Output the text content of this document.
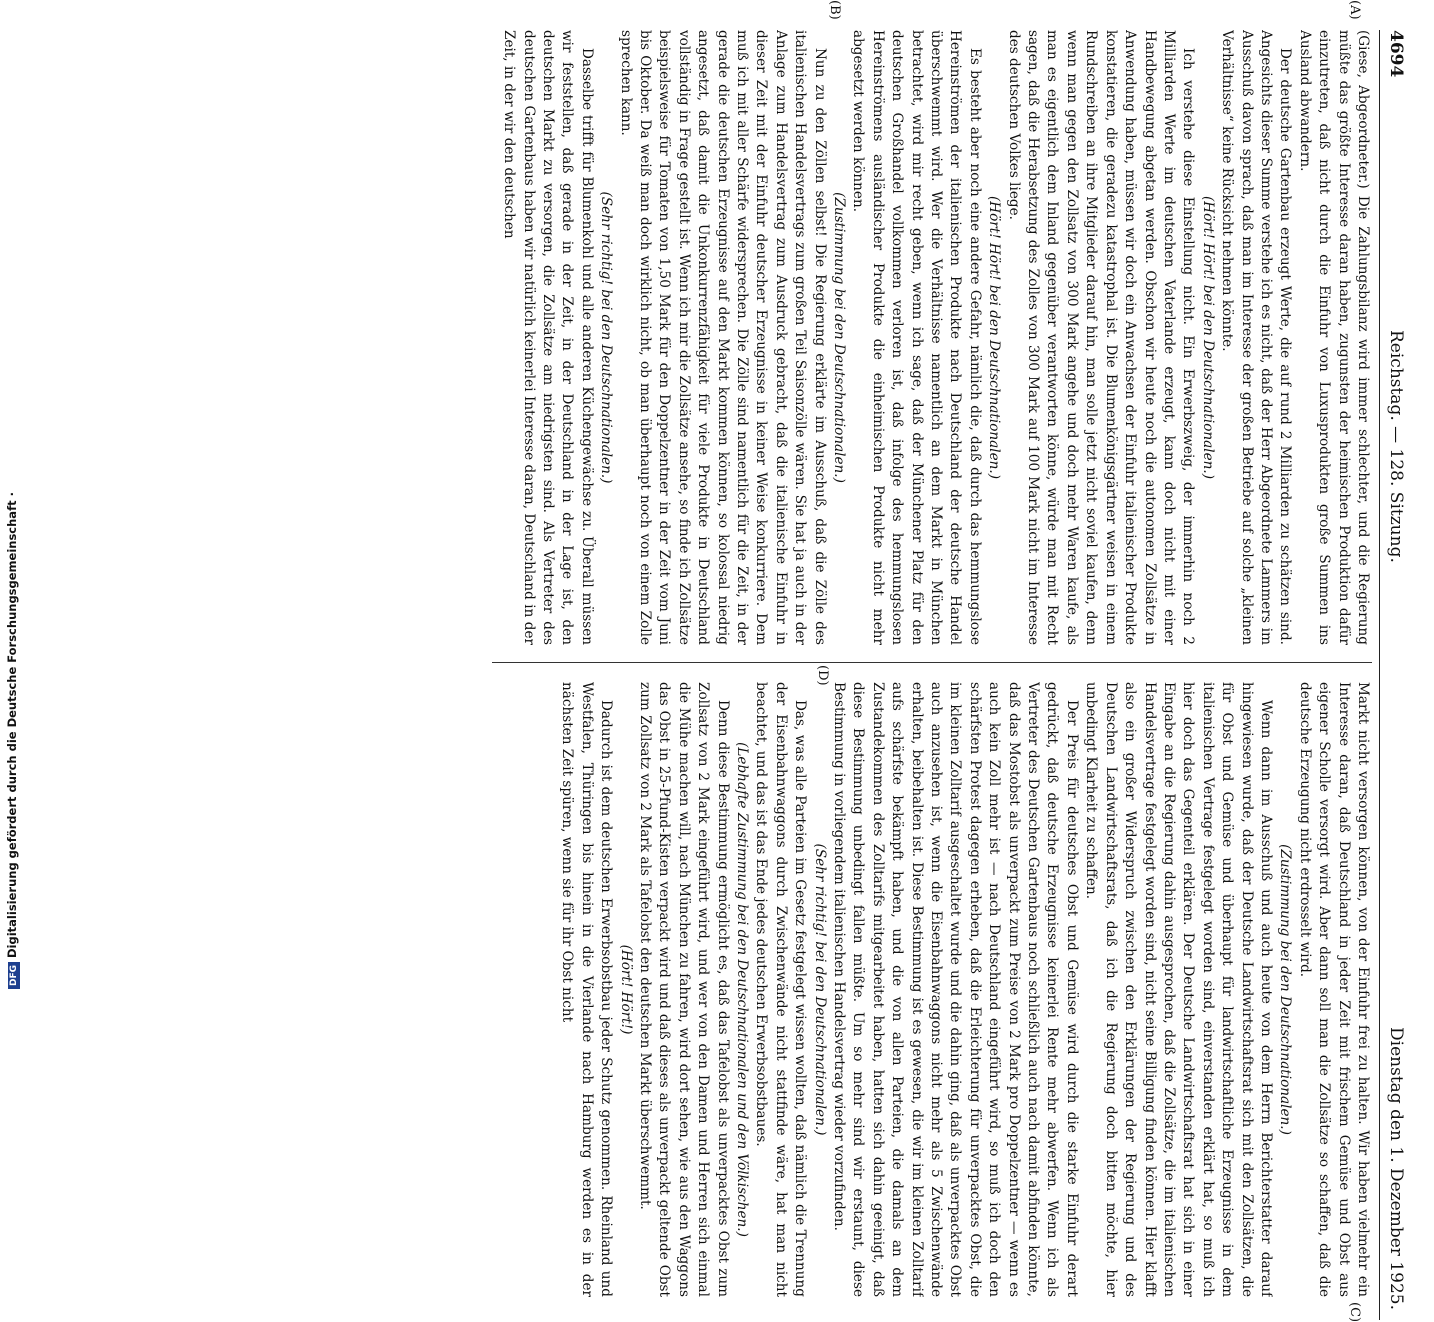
4694
Reichstag. — 128. Sitzung.
Dienstag den 1. Dezember 1925.
(A)
(B)
(C)
(D)

(Giese, Abgeordneter.) Die Zahlungsbilanz wird immer schlechter, und die Regierung müßte das größte Interesse daran haben, zugunsten der heimischen Produktion dafür einzutreten, daß nicht durch die Einfuhr von Luxusprodukten große Summen ins Ausland abwandern.

Der deutsche Gartenbau erzeugt Werte, die auf rund 2 Milliarden zu schätzen sind. Angesichts dieser Summe verstehe ich es nicht, daß der Herr Abgeordnete Lammers im Ausschuß davon sprach, daß man im Interesse der großen Betriebe auf solche „kleinen Verhältnisse“ keine Rücksicht nehmen könnte.

(Hört! Hört! bei den Deutschnationalen.)

Ich verstehe diese Einstellung nicht. Ein Erwerbszweig, der immerhin noch 2 Milliarden Werte im deutschen Vaterlande erzeugt, kann doch nicht mit einer Handbewegung abgetan werden. Obschon wir heute noch die autonomen Zollsätze in Anwendung haben, müssen wir doch ein Anwachsen der Einfuhr italienischer Produkte konstatieren, die geradezu katastrophal ist. Die Blumenkönigsgärtner weisen in einem Rundschreiben an ihre Mitglieder darauf hin, man solle jetzt nicht soviel kaufen, denn wenn man gegen den Zollsatz von 300 Mark angehe und doch mehr Waren kaufe, als man es eigentlich dem Inland gegenüber verantworten könne, würde man mit Recht sagen, daß die Herabsetzung des Zolles von 300 Mark auf 100 Mark nicht im Interesse des deutschen Volkes liege.

(Hört! Hört! bei den Deutschnationalen.)

Es besteht aber noch eine andere Gefahr, nämlich die, daß durch das hemmungslose Hereinströmen der italienischen Produkte nach Deutschland der deutsche Handel überschwemmt wird. Wer die Verhältnisse namentlich an dem Markt in München betrachtet, wird mir recht geben, wenn ich sage, daß der Münchener Platz für den deutschen Großhandel vollkommen verloren ist, daß infolge des hemmungslosen Hereinströmens ausländischer Produkte die einheimischen Produkte nicht mehr abgesetzt werden können.

(Zustimmung bei den Deutschnationalen.)

Nun zu den Zöllen selbst! Die Regierung erklärte im Ausschuß, daß die Zölle des italienischen Handelsvertrags zum großen Teil Saisonzölle wären. Sie hat ja auch in der Anlage zum Handelsvertrag zum Ausdruck gebracht, daß die italienische Einfuhr in dieser Zeit mit der Einfuhr deutscher Erzeugnisse in keiner Weise konkurriere. Dem muß ich mit aller Schärfe widersprechen. Die Zölle sind namentlich für die Zeit, in der gerade die deutschen Erzeugnisse auf den Markt kommen können, so kolossal niedrig angesetzt, daß damit die Unkonkurrenzfähigkeit für viele Produkte in Deutschland vollständig in Frage gestellt ist. Wenn ich mir die Zollsätze ansehe, so finde ich Zollsätze beispielsweise für Tomaten von 1,50 Mark für den Doppelzentner in der Zeit vom Juni bis Oktober. Da weiß man doch wirklich nicht, ob man überhaupt noch von einem Zolle sprechen kann.

(Sehr richtig! bei den Deutschnationalen.)

Dasselbe trifft für Blumenkohl und alle anderen Küchengewächse zu. Überall müssen wir feststellen, daß gerade in der Zeit, in der Deutschland in der Lage ist, den deutschen Markt zu versorgen, die Zollsätze am niedrigsten sind. Als Vertreter des deutschen Gartenbaus haben wir natürlich keinerlei Interesse daran, Deutschland in der Zeit, in der wir den deutschen

Markt nicht versorgen können, von der Einfuhr frei zu halten. Wir haben vielmehr ein Interesse daran, daß Deutschland in jeder Zeit mit frischem Gemüse und Obst aus eigener Scholle versorgt wird. Aber dann soll man die Zollsätze so schaffen, daß die deutsche Erzeugung nicht erdrosselt wird.

(Zustimmung bei den Deutschnationalen.)

Wenn dann im Ausschuß und auch heute von dem Herrn Berichterstatter darauf hingewiesen wurde, daß der Deutsche Landwirtschaftsrat sich mit den Zollsätzen, die für Obst und Gemüse und überhaupt für landwirtschaftliche Erzeugnisse in dem italienischen Vertrage festgelegt worden sind, einverstanden erklärt hat, so muß ich hier doch das Gegenteil erklären. Der Deutsche Landwirtschaftsrat hat sich in einer Eingabe an die Regierung dahin ausgesprochen, daß die Zollsätze, die im italienischen Handelsvertrage festgelegt worden sind, nicht seine Billigung finden können. Hier klafft also ein großer Widerspruch zwischen den Erklärungen der Regierung und des Deutschen Landwirtschaftsrats, daß ich die Regierung doch bitten möchte, hier unbedingt Klarheit zu schaffen.

Der Preis für deutsches Obst und Gemüse wird durch die starke Einfuhr derart gedrückt, daß deutsche Erzeugnisse keinerlei Rente mehr abwerfen. Wenn ich als Vertreter des Deutschen Gartenbaus noch schließlich auch nach damit abfinden könnte, daß das Mostobst als unverpackt zum Preise von 2 Mark pro Doppelzentner — wenn es auch kein Zoll mehr ist — nach Deutschland eingeführt wird, so muß ich doch den schärfsten Protest dagegen erheben, daß die Erleichterung für unverpacktes Obst, die im kleinen Zolltarif ausgeschaltet wurde und die dahin ging, daß als unverpacktes Obst auch anzusehen ist, wenn die Eisenbahnwaggons nicht mehr als 5 Zwischenwände erhalten, beibehalten ist. Diese Bestimmung ist es gewesen, die wir im kleinen Zolltarif aufs schärfste bekämpft haben, und die von allen Parteien, die damals an dem Zustandekommen des Zolltarifs mitgearbeitet haben, hatten sich dahin geeinigt, daß diese Bestimmung unbedingt fallen müßte. Um so mehr sind wir erstaunt, diese Bestimmung in vorliegendem italienischen Handelsvertrag wieder vorzufinden.

(Sehr richtig! bei den Deutschnationalen.)

Das, was alle Parteien im Gesetz festgelegt wissen wollten, daß nämlich die Trennung der Eisenbahnwaggons durch Zwischenwände nicht stattfinde wäre, hat man nicht beachtet, und das ist das Ende jedes deutschen Erwerbsobstbaues.

(Lebhafte Zustimmung bei den Deutschnationalen und den Völkischen.)

Denn diese Bestimmung ermöglicht es, daß das Tafelobst als unverpacktes Obst zum Zollsatz von 2 Mark eingeführt wird, und wer von den Damen und Herren sich einmal die Mühe machen will, nach München zu fahren, wird dort sehen, wie aus den Waggons das Obst in 25-Pfund-Kisten verpackt wird und daß dieses als unverpackt geltende Obst zum Zollsatz von 2 Mark als Tafelobst den deutschen Markt überschwemmt.

(Hört! Hört!)

Dadurch ist dem deutschen Erwerbsobstbau jeder Schutz genommen. Rheinland und Westfalen, Thüringen bis hinein in die Vierlande nach Hamburg werden es in der nächsten Zeit spüren, wenn sie für ihr Obst nicht

DFGDigitalisierung gefördert durch die Deutsche Forschungsgemeinschaft ·
